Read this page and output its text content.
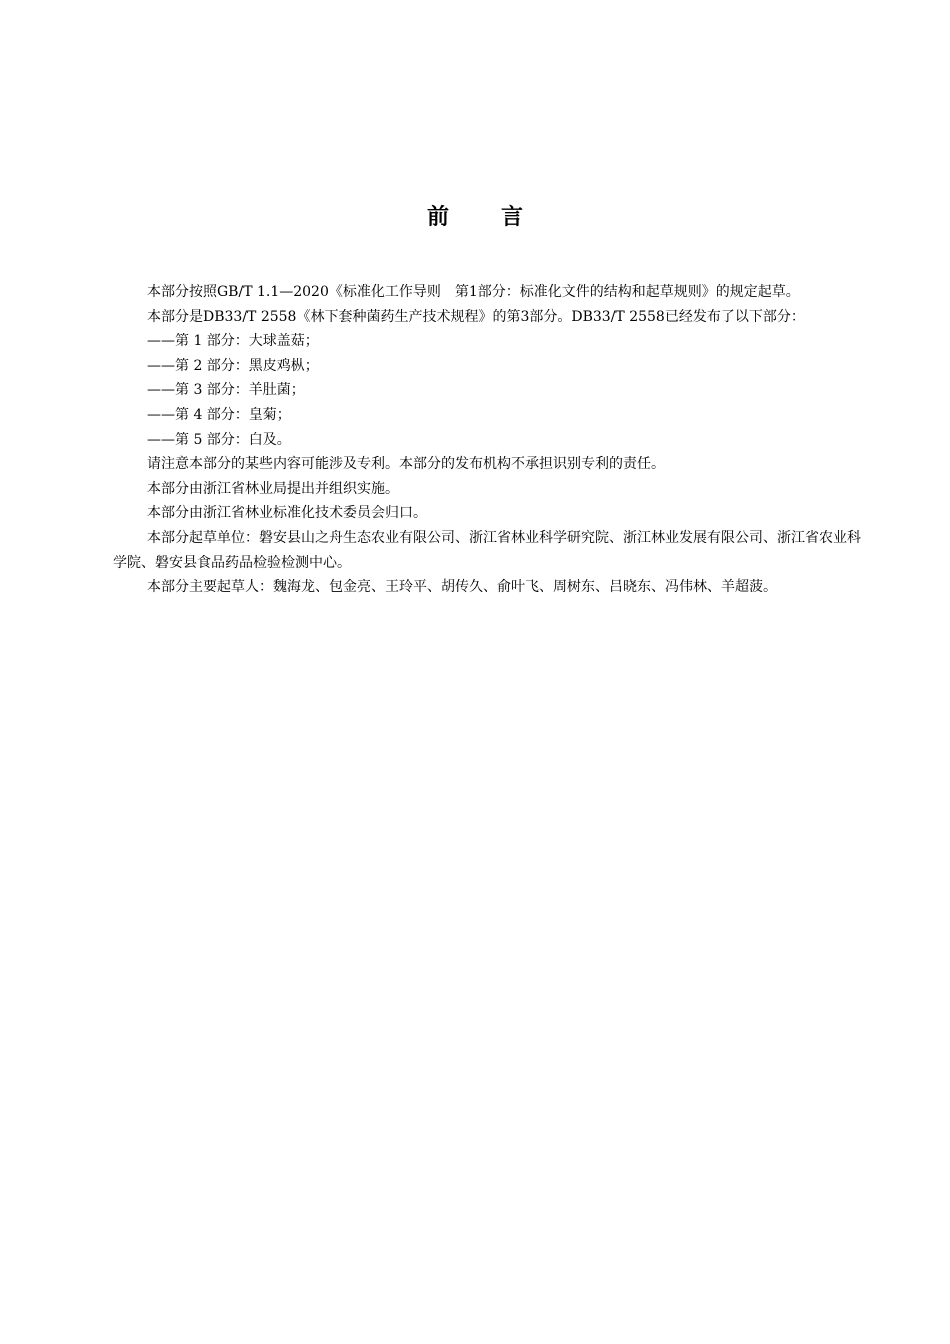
前 言

本部分按照GB/T 1.1—2020《标准化工作导则　第1部分：标准化文件的结构和起草规则》的规定起草。

本部分是DB33/T 2558《林下套种菌药生产技术规程》的第3部分。DB33/T 2558已经发布了以下部分：

——第 1 部分：大球盖菇；

——第 2 部分：黑皮鸡枞；

——第 3 部分：羊肚菌；

——第 4 部分：皇菊；

——第 5 部分：白及。

请注意本部分的某些内容可能涉及专利。本部分的发布机构不承担识别专利的责任。

本部分由浙江省林业局提出并组织实施。

本部分由浙江省林业标准化技术委员会归口。

本部分起草单位：磐安县山之舟生态农业有限公司、浙江省林业科学研究院、浙江林业发展有限公司、浙江省农业科学院、磐安县食品药品检验检测中心。

本部分主要起草人：魏海龙、包金亮、王玲平、胡传久、俞叶飞、周树东、吕晓东、冯伟林、羊超菠。
